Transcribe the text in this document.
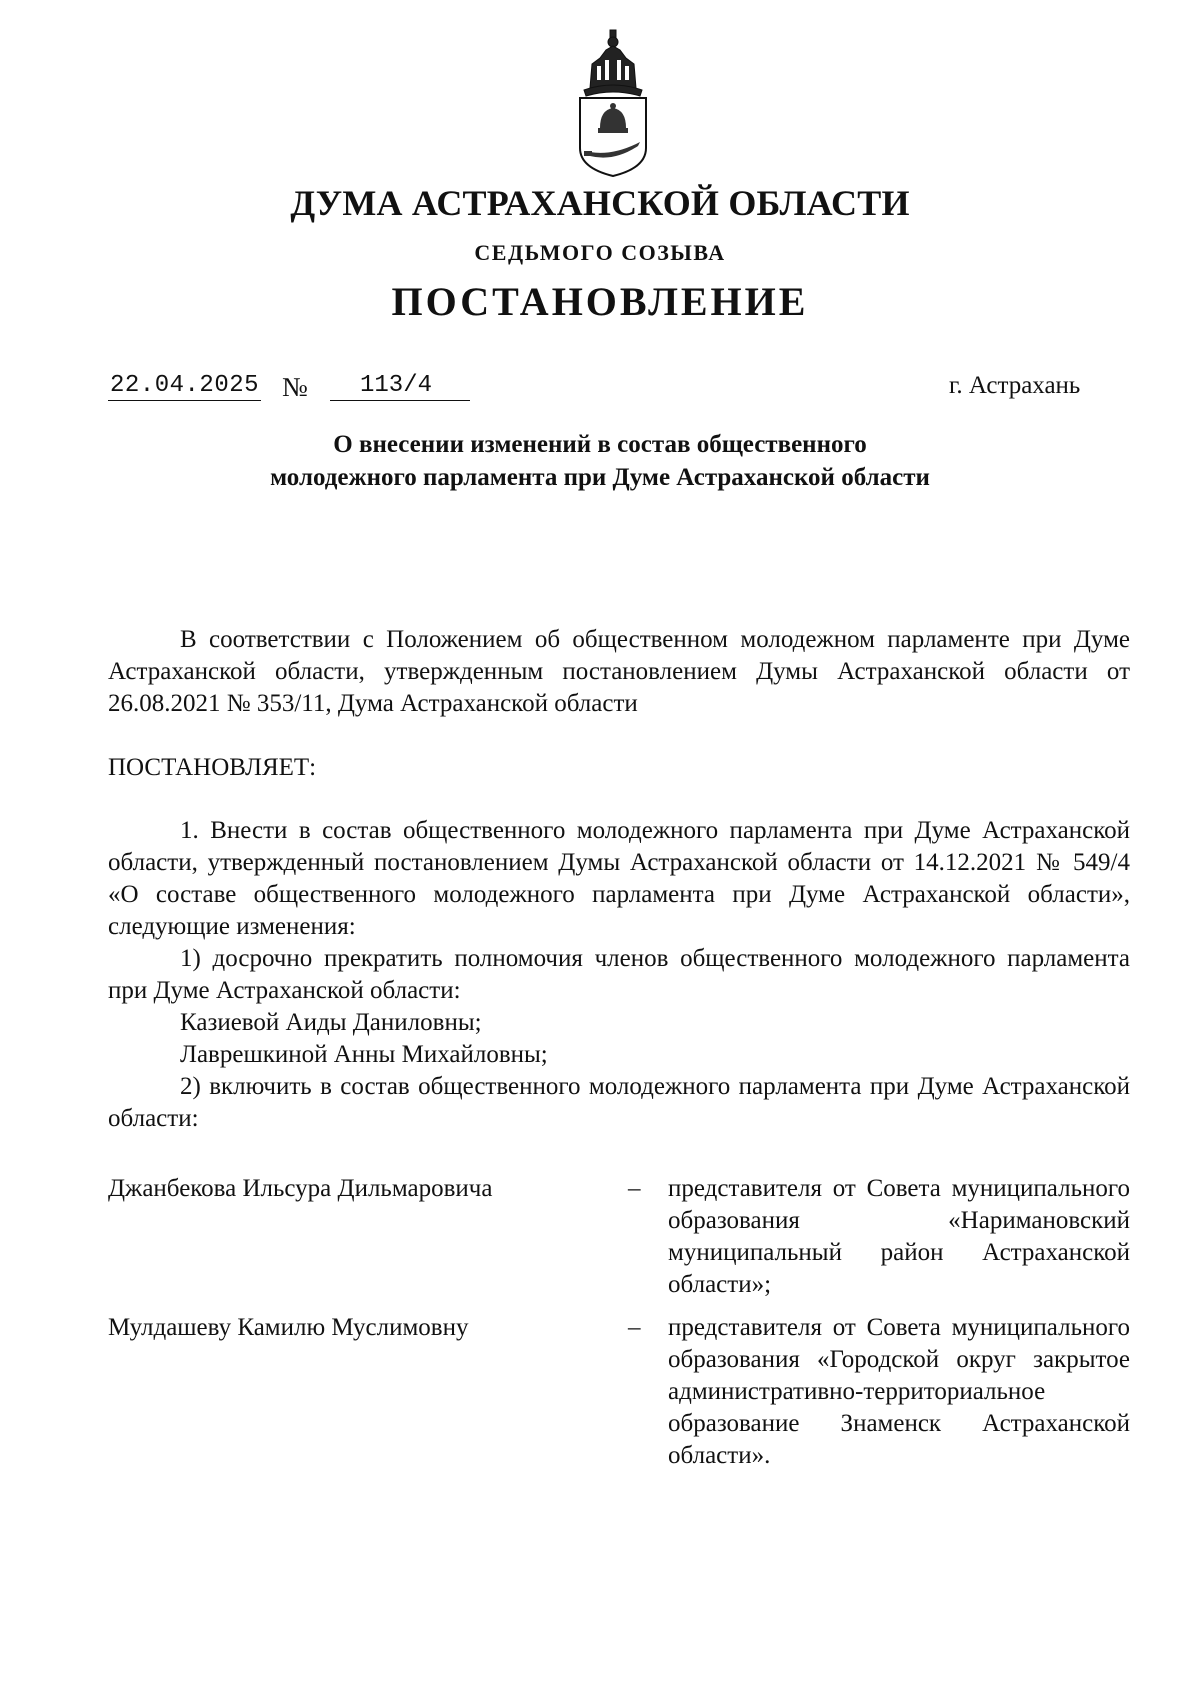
ДУМА АСТРАХАНСКОЙ ОБЛАСТИ
СЕДЬМОГО СОЗЫВА
ПОСТАНОВЛЕНИЕ
22.04.2025 №	113/4	г. Астрахань
О внесении изменений в состав общественного
молодежного парламента при Думе Астраханской области

В соответствии с Положением об общественном молодежном парламенте при Думе Астраханской области, утвержденным постановлением Думы Астраханской области от 26.08.2021 № 353/11, Дума Астраханской области

ПОСТАНОВЛЯЕТ:

1. Внести в состав общественного молодежного парламента при Думе Астраханской области, утвержденный постановлением Думы Астраханской области от 14.12.2021 № 549/4 «О составе общественного молодежного парламента при Думе Астраханской области», следующие изменения:

1) досрочно прекратить полномочия членов общественного молодежного парламента при Думе Астраханской области:

Казиевой Аиды Даниловны;

Лаврешкиной Анны Михайловны;

2) включить в состав общественного молодежного парламента при Думе Астраханской области:

Джанбекова Ильсура Дильмаровича	– представителя от Совета муниципального образования «Наримановский муниципальный район Астраханской области»;
Мулдашеву Камилю Муслимовну	– представителя от Совета муниципального образования «Городской округ закрытое административно-территориальное образование Знаменск Астраханской области».
